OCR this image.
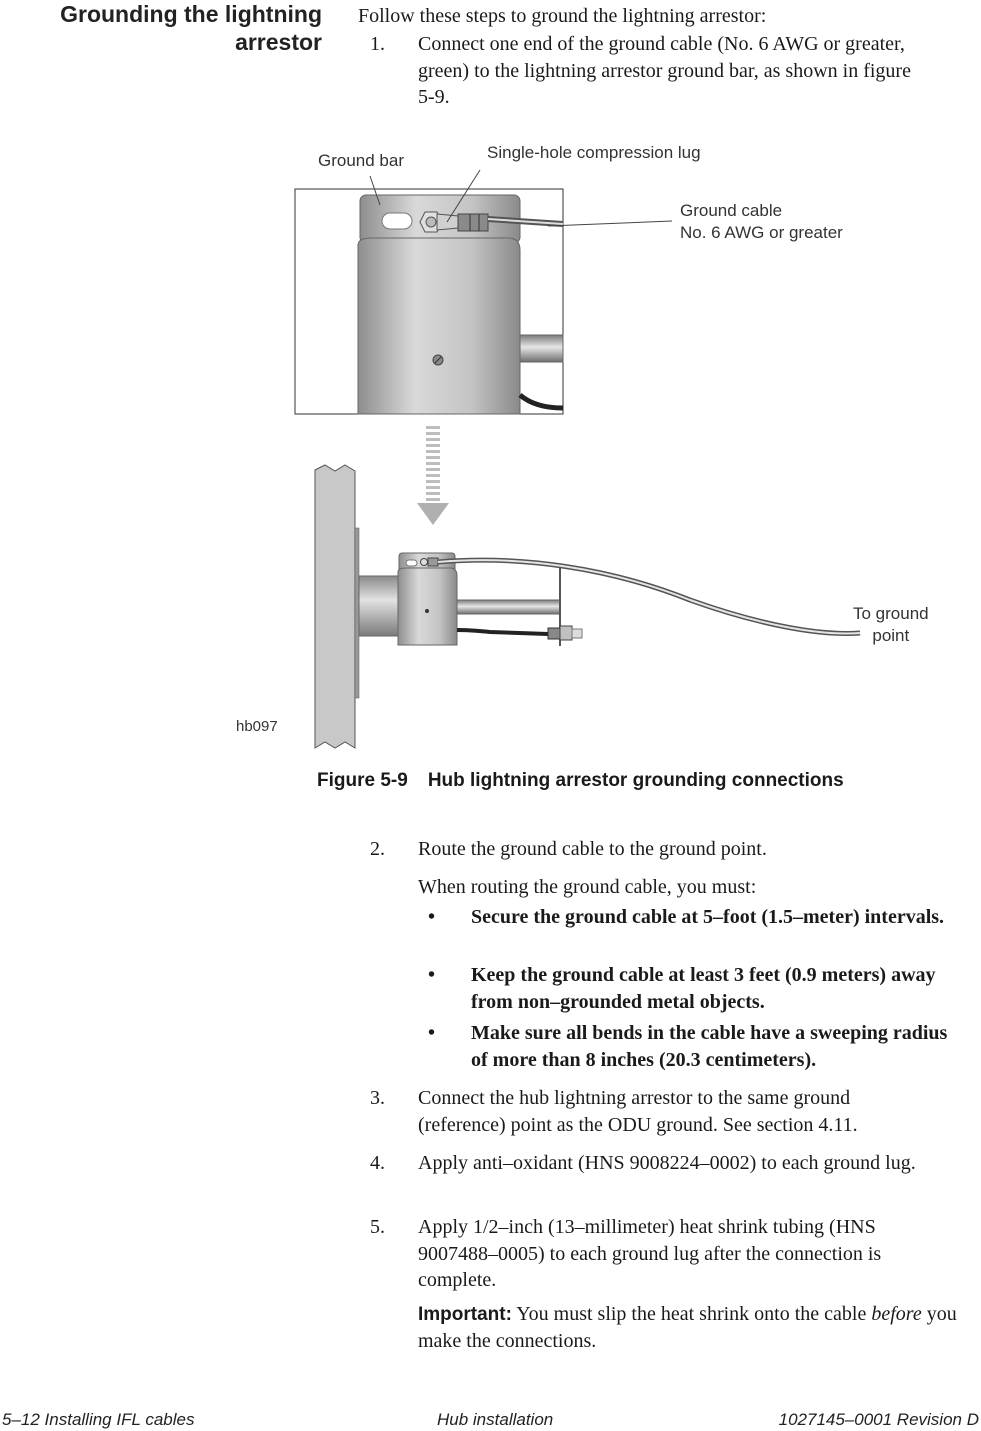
Grounding the lightning
arrestor
Follow these steps to ground the lightning arrestor:
1. Connect one end of the ground cable (No. 6 AWG or greater, green) to the lightning arrestor ground bar, as shown in figure 5-9.
Ground bar	Single-hole compression lug
Ground cable
No. 6 AWG or greater
To ground
point
hb097
Figure 5-9 Hub lightning arrestor grounding connections
2. Route the ground cable to the ground point.
When routing the ground cable, you must:
• Secure the ground cable at 5–foot (1.5–meter) intervals.
• Keep the ground cable at least 3 feet (0.9 meters) away from non–grounded metal objects.
• Make sure all bends in the cable have a sweeping radius of more than 8 inches (20.3 centimeters).
3. Connect the hub lightning arrestor to the same ground (reference) point as the ODU ground. See section 4.11.
4. Apply anti–oxidant (HNS 9008224–0002) to each ground lug.
5. Apply 1/2–inch (13–millimeter) heat shrink tubing (HNS 9007488–0005) to each ground lug after the connection is complete.
Important: You must slip the heat shrink onto the cable before you make the connections.
5–12 Installing IFL cables	Hub installation	1027145–0001 Revision D
